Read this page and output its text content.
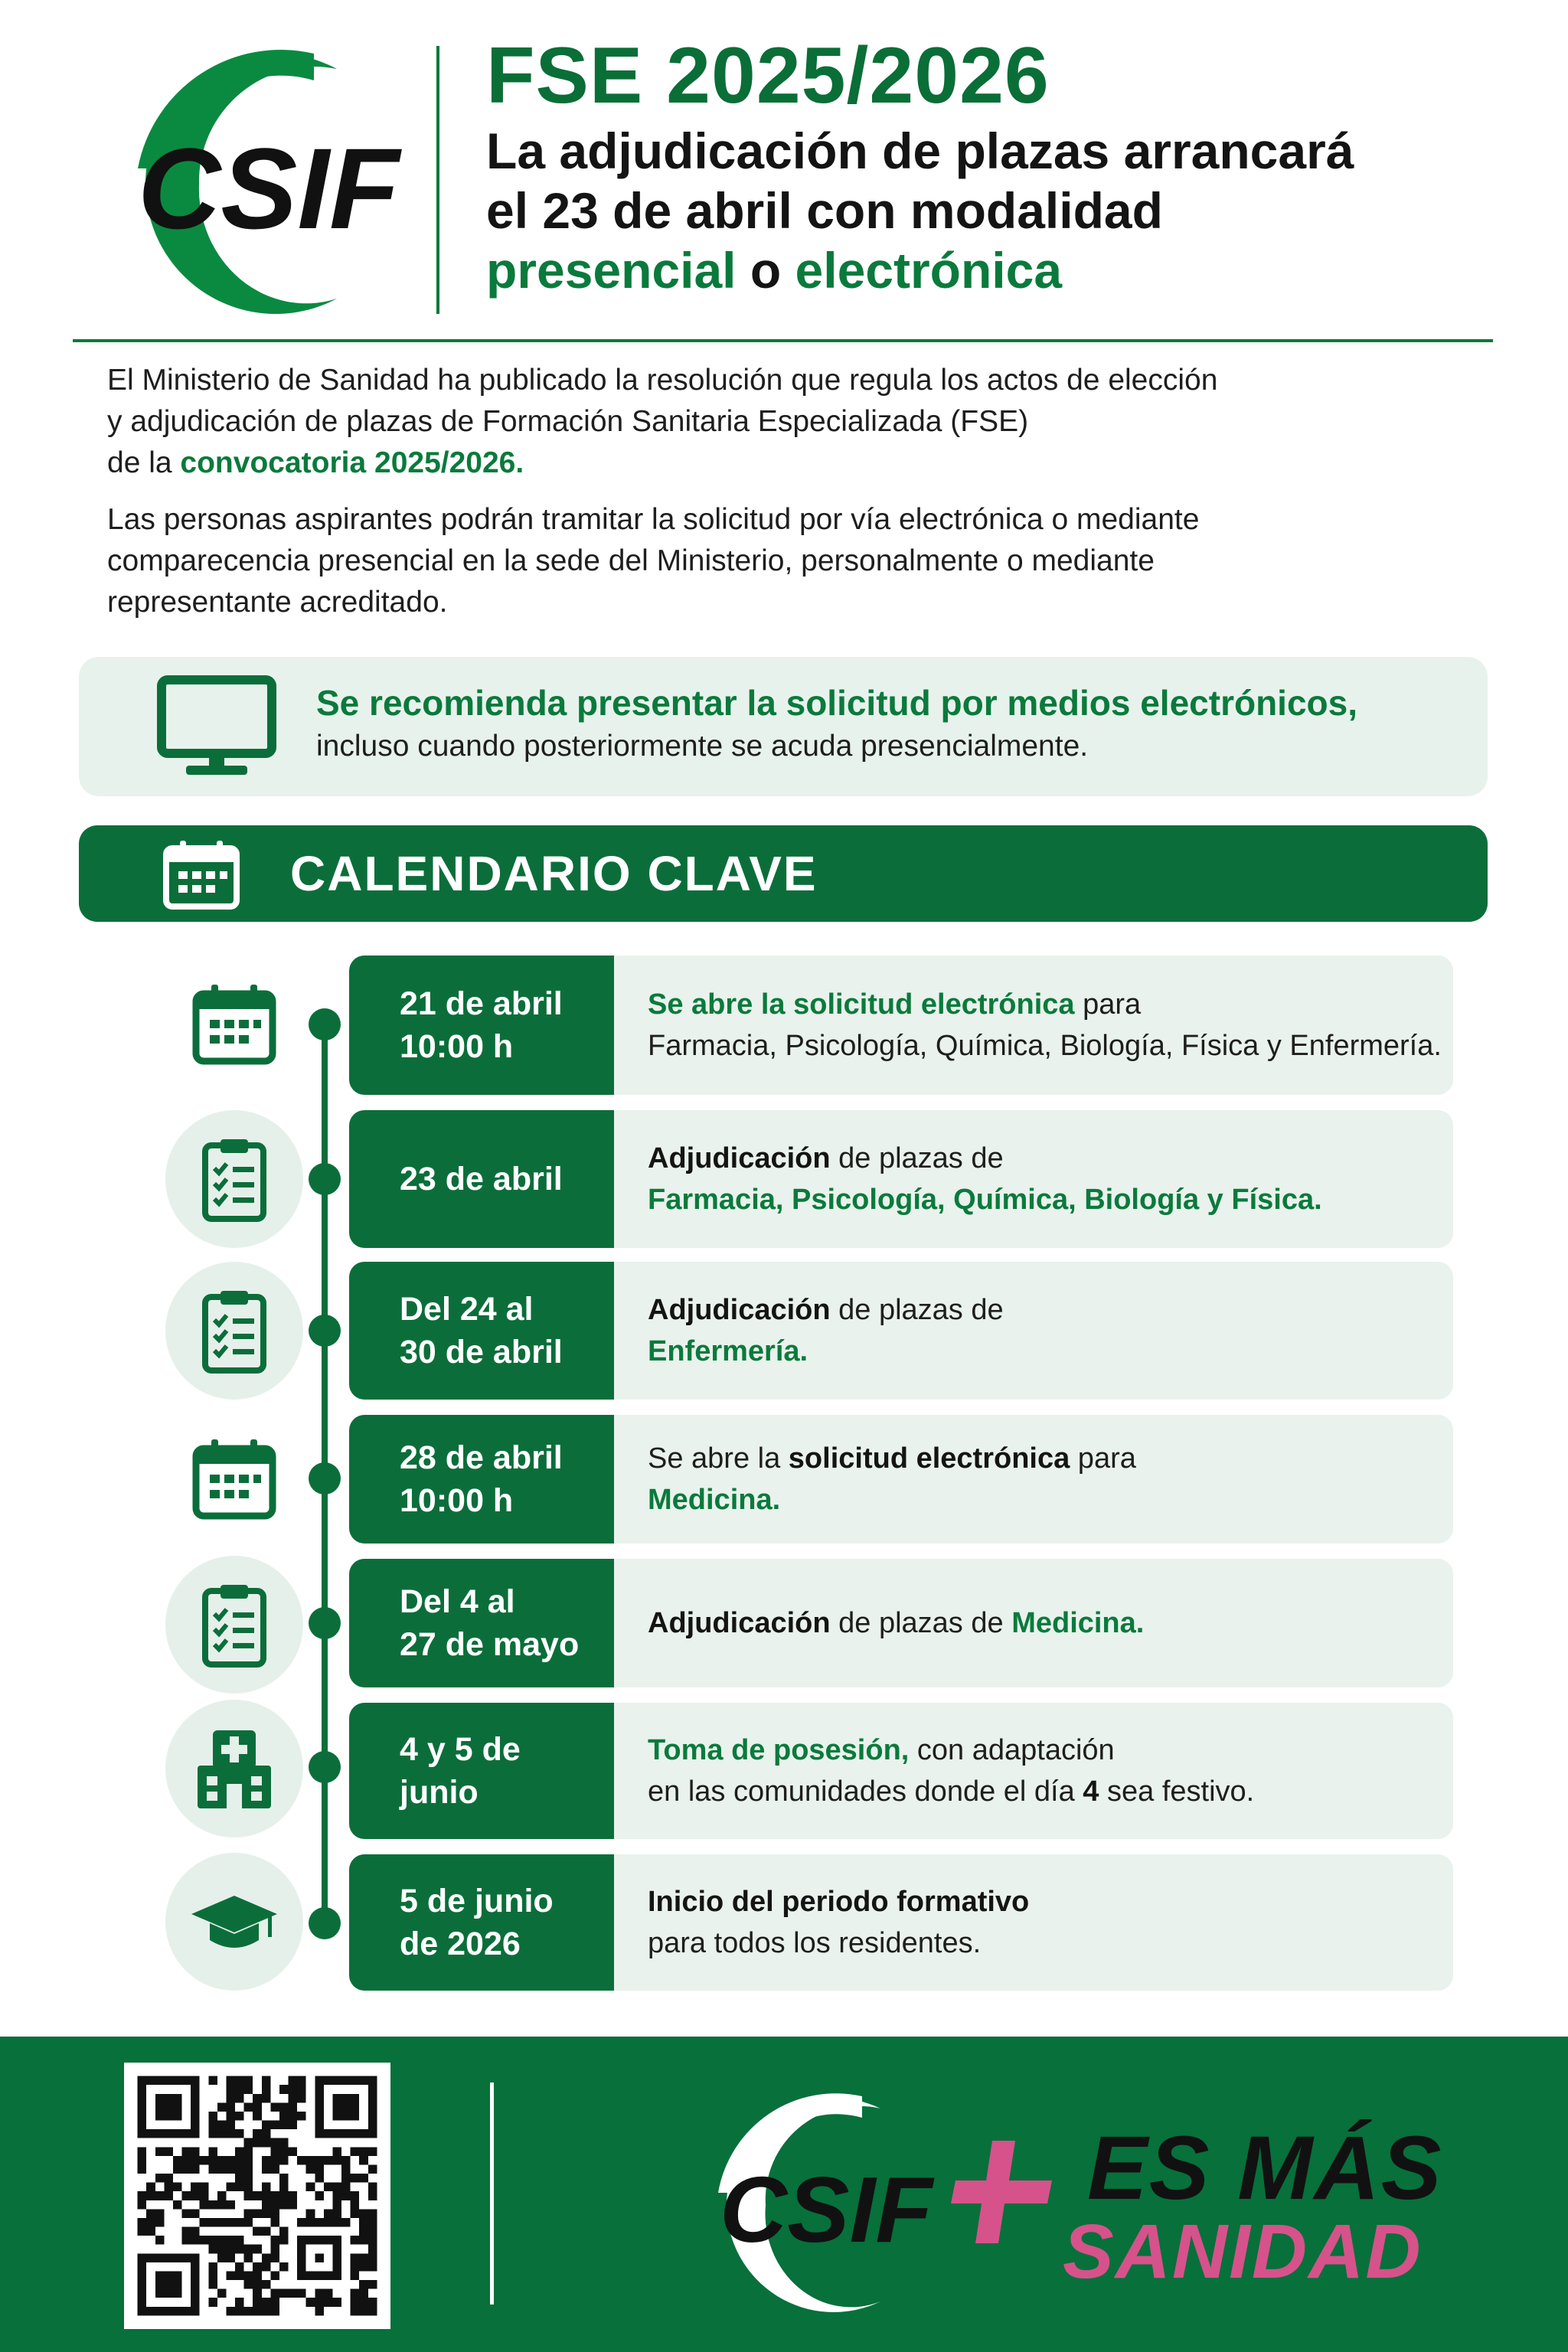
CSIF
FSE 2025/2026
La adjudicación de plazas arrancará
el 23 de abril con modalidad
presencial o electrónica

El Ministerio de Sanidad ha publicado la resolución que regula los actos de elección
y adjudicación de plazas de Formación Sanitaria Especializada (FSE)
de la convocatoria 2025/2026.

Las personas aspirantes podrán tramitar la solicitud por vía electrónica o mediante
comparecencia presencial en la sede del Ministerio, personalmente o mediante
representante acreditado.

Se recomienda presentar la solicitud por medios electrónicos,
incluso cuando posteriormente se acuda presencialmente.
CALENDARIO CLAVE
21 de abril
10:00 h
Se abre la solicitud electrónica para
Farmacia, Psicología, Química, Biología, Física y Enfermería.
23 de abril
Adjudicación de plazas de
Farmacia, Psicología, Química, Biología y Física.
Del 24 al
30 de abril
Adjudicación de plazas de
Enfermería.
28 de abril
10:00 h
Se abre la solicitud electrónica para
Medicina.
Del 4 al
27 de mayo
Adjudicación de plazas de Medicina.
4 y 5 de
junio
Toma de posesión, con adaptación
en las comunidades donde el día 4 sea festivo.
5 de junio
de 2026
Inicio del periodo formativo
para todos los residentes.
CSIF ES MÁS
SANIDAD
